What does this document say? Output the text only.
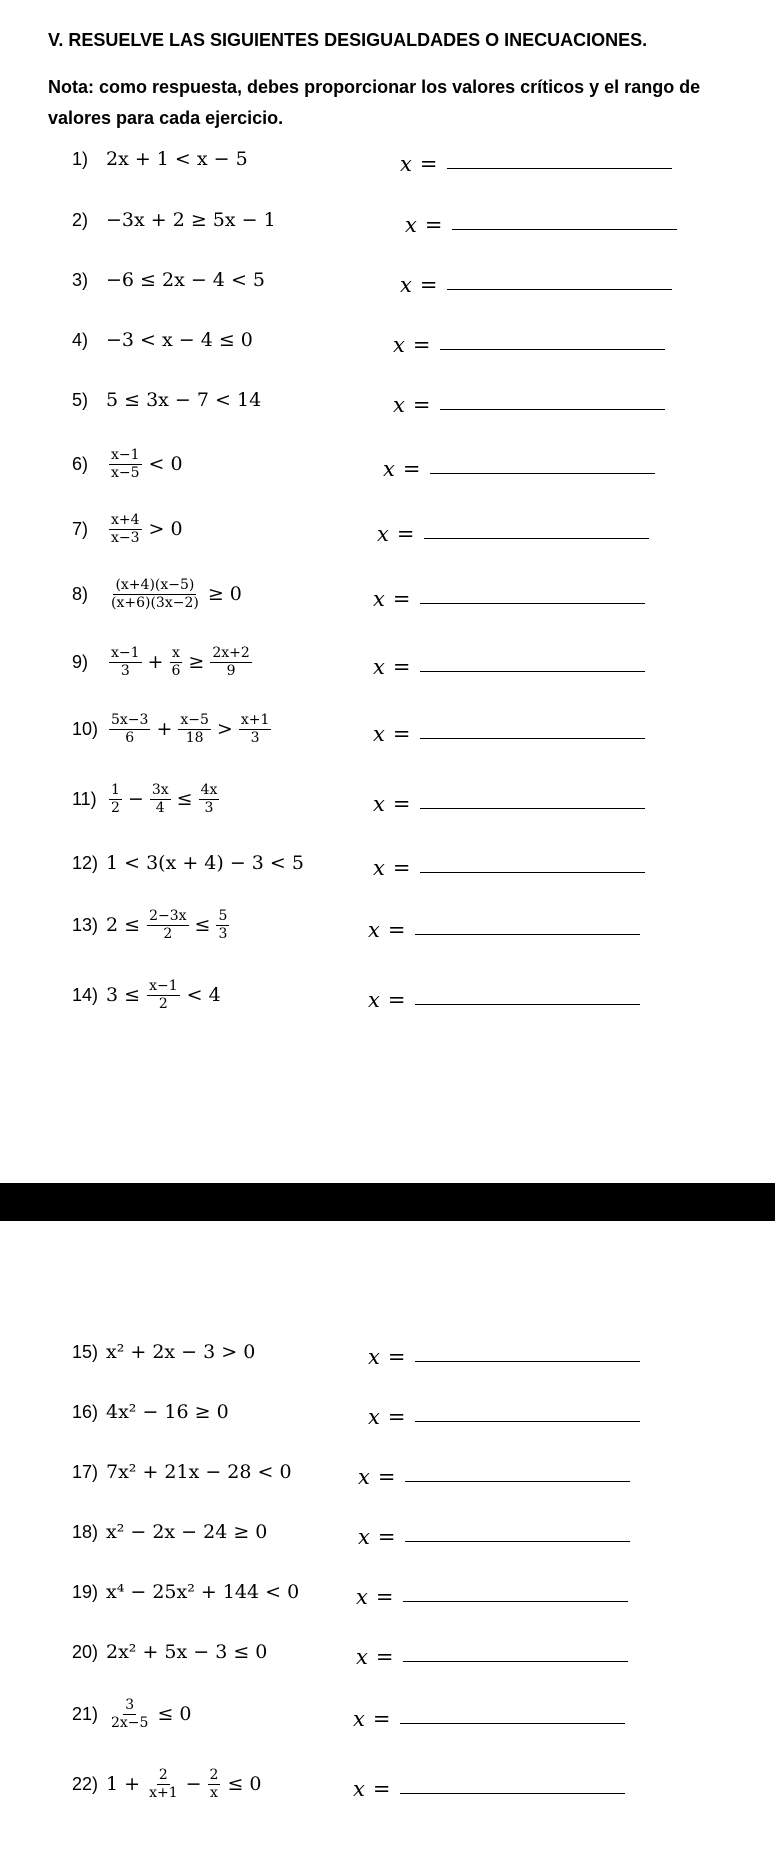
V. RESUELVE LAS SIGUIENTES DESIGUALDADES O INECUACIONES.
Nota: como respuesta, debes proporcionar los valores críticos y el rango de valores para cada ejercicio.
1) 2x + 1 < x − 5	x =
2) −3x + 2 ≥ 5x − 1	x =
3) −6 ≤ 2x − 4 < 5	x =
4) −3 < x − 4 ≤ 0	x =
5) 5 ≤ 3x − 7 < 14	x =
6)	$\frac{x-1}{x-5} < 0$	x =
7)	$\frac{x+4}{x-3} > 0$	x =
8)	$\frac{(x+4)(x-5)}{(x+6)(3x-2)} \ge 0$	x =
9)	$\frac{x-1}{3} + \frac{x}{6} \ge \frac{2x+2}{9}$	x =
$10) \frac{5x-3}{6} + \frac{x-5}{18} > \frac{x+1}{3}$	x =
$11) \frac{1}{2} - \frac{3x}{4} \le \frac{4x}{3}$	x =
12) 1 < 3(x + 4) − 3 < 5	x =
13) $2 \le \frac{2-3x}{2} \le \frac{5}{3}$	x =
14) $3 \le \frac{x-1}{2} < 4$	x =
15) x² + 2x − 3 > 0	x =
16) 4x² − 16 ≥ 0	x =
17) 7x² + 21x − 28 < 0	x =
18) x² − 2x − 24 ≥ 0	x =
19) x⁴ − 25x² + 144 < 0	x =
20) 2x² + 5x − 3 ≤ 0	x =
$21) \frac{3}{2x-5} \le 0$	x =
22) $1 + \frac{2}{x+1} - \frac{2}{x} \le 0$	x =
